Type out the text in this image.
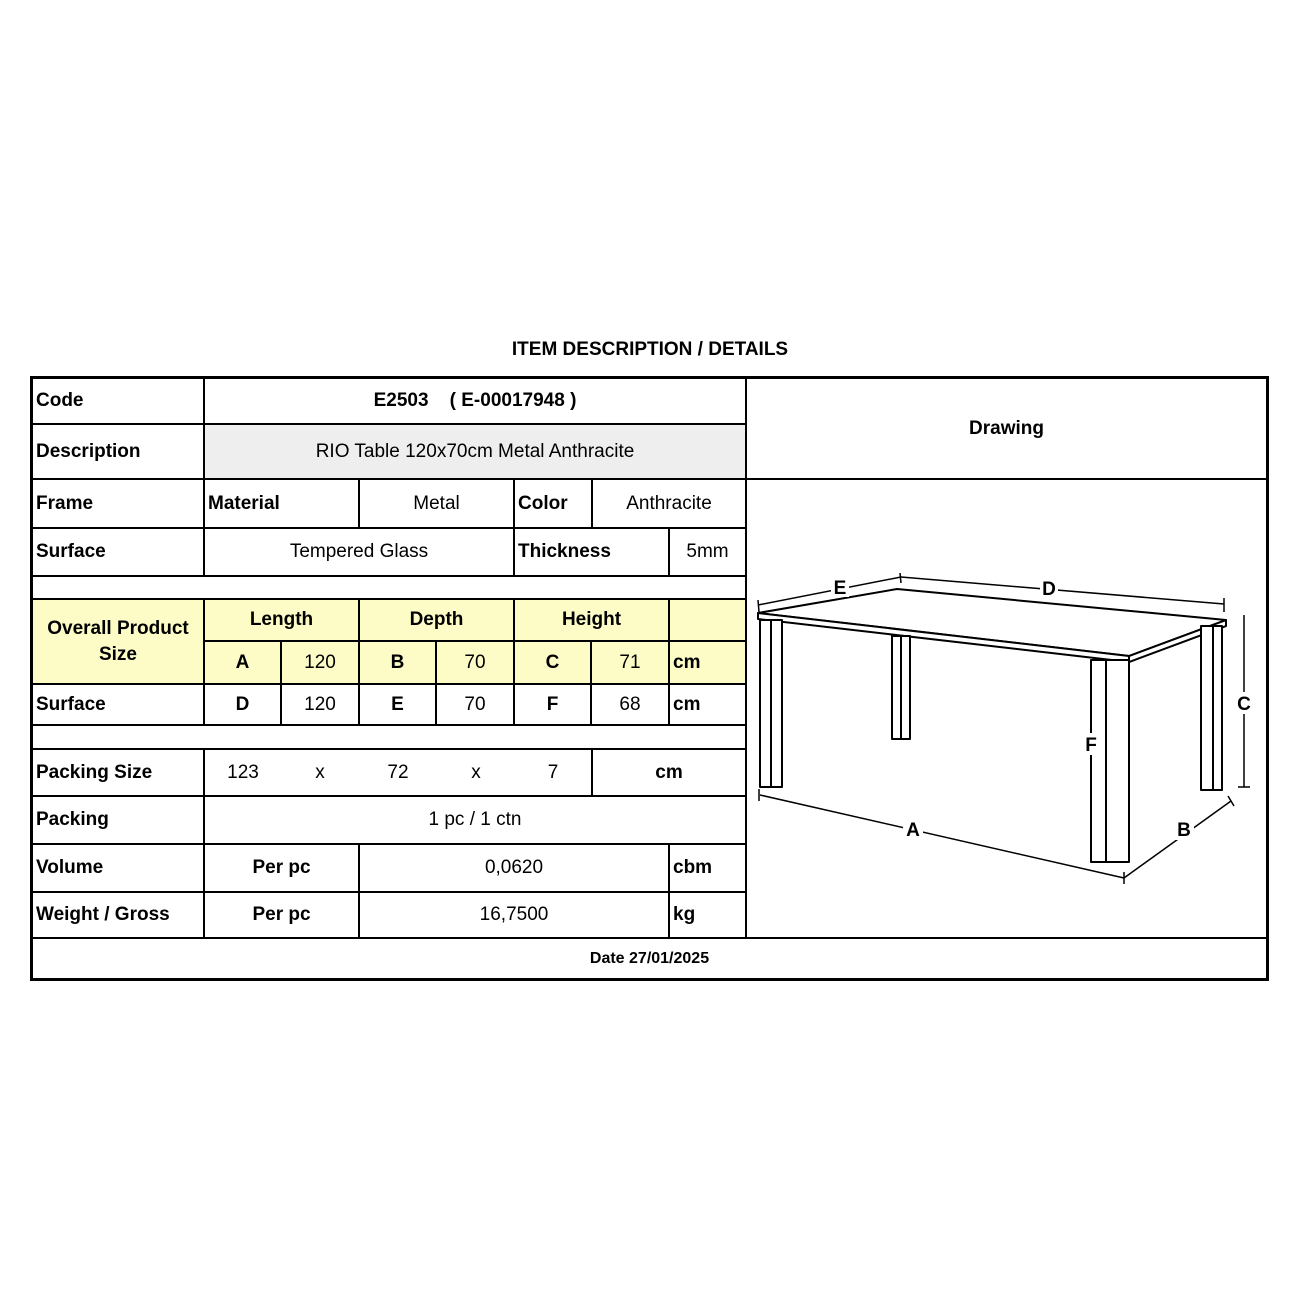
ITEM DESCRIPTION / DETAILS
Code	E2503    ( E-00017948 )
Description	RIO Table 120x70cm Metal Anthracite
Drawing
Frame	Material	Metal	Color	Anthracite
Surface	Tempered Glass	Thickness	5mm
Overall Product Size
Length	Depth	Height
A	120	B	70	C	71	cm
Surface	D	120	E	70	F	68	cm
Packing Size	123	x	72	x	7	cm
Packing	1 pc / 1 ctn
Volume	Per pc	0,0620	cbm
Weight / Gross	Per pc	16,7500	kg
Date 27/01/2025
E	D
C
A	B
F
